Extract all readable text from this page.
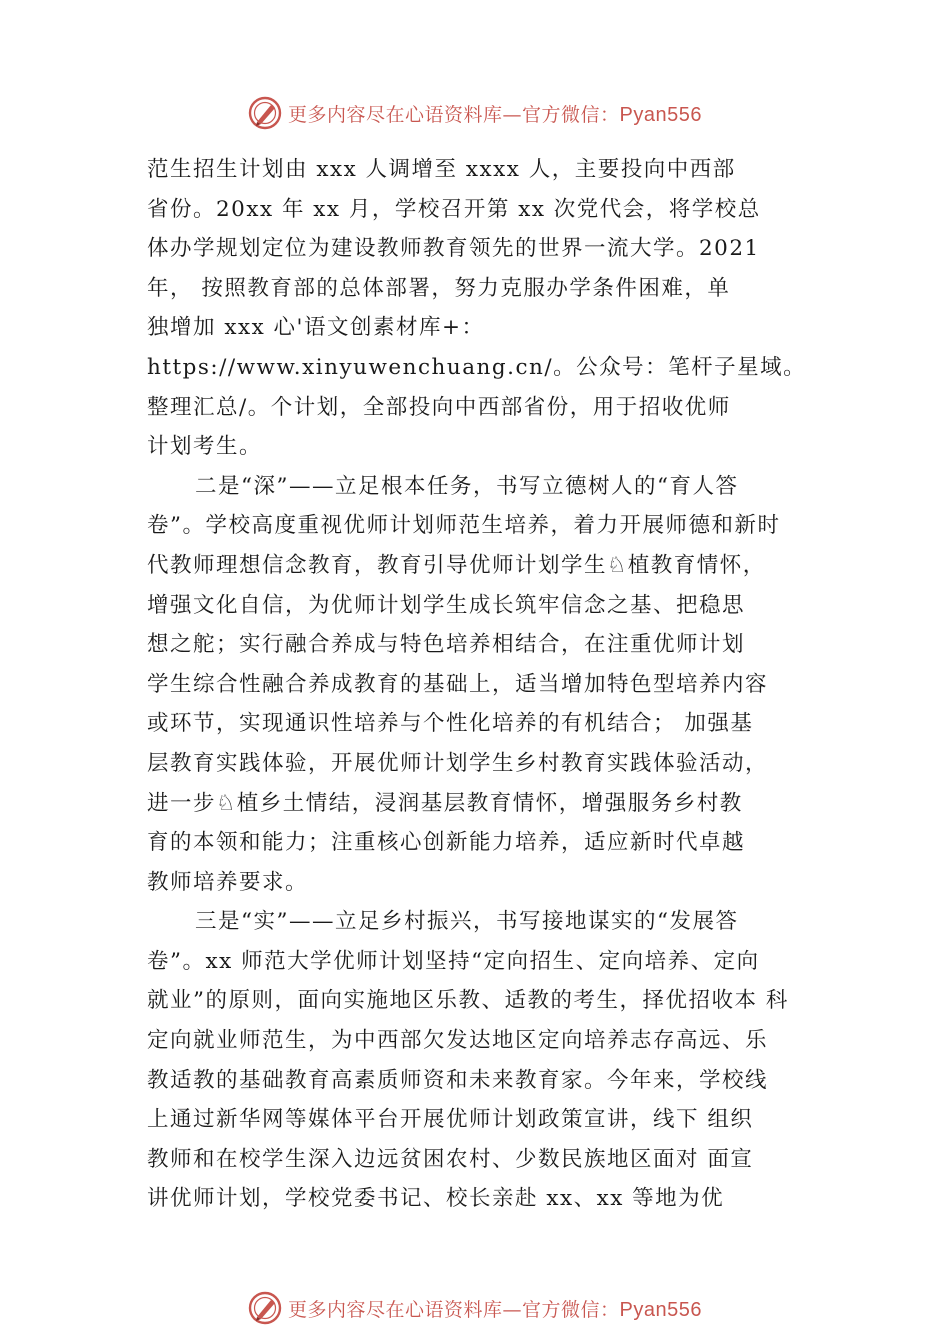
更多内容尽在心语资料库—官方微信：Pyan556
范生招生计划由 xxx 人调增至 xxxx 人，主要投向中西部
省份。20xx 年 xx 月，学校召开第 xx 次党代会，将学校总
体办学规划定位为建设教师教育领先的世界一流大学。2021
年， 按照教育部的总体部署，努力克服办学条件困难，单
独增加 xxx 心'语文创素材库+：
https://www.xinyuwenchuang.cn/。公众号：笔杆子星域。
整理汇总/。个计划，全部投向中西部省份，用于招收优师
计划考生。
二是“深”——立足根本任务，书写立德树人的“育人答
卷”。学校高度重视优师计划师范生培养，着力开展师德和新时
代教师理想信念教育，教育引导优师计划学生♘植教育情怀，
增强文化自信，为优师计划学生成长筑牢信念之基、把稳思
想之舵；实行融合养成与特色培养相结合，在注重优师计划
学生综合性融合养成教育的基础上，适当增加特色型培养内容
或环节，实现通识性培养与个性化培养的有机结合； 加强基
层教育实践体验，开展优师计划学生乡村教育实践体验活动，
进一步♘植乡土情结，浸润基层教育情怀，增强服务乡村教
育的本领和能力；注重核心创新能力培养，适应新时代卓越
教师培养要求。
三是“实”——立足乡村振兴，书写接地谋实的“发展答
卷”。xx 师范大学优师计划坚持“定向招生、定向培养、定向
就业”的原则，面向实施地区乐教、适教的考生，择优招收本 科
定向就业师范生，为中西部欠发达地区定向培养志存高远、乐
教适教的基础教育高素质师资和未来教育家。今年来，学校线
上通过新华网等媒体平台开展优师计划政策宣讲，线下 组织
教师和在校学生深入边远贫困农村、少数民族地区面对 面宣
讲优师计划，学校党委书记、校长亲赴 xx、xx 等地为优
更多内容尽在心语资料库—官方微信：Pyan556
